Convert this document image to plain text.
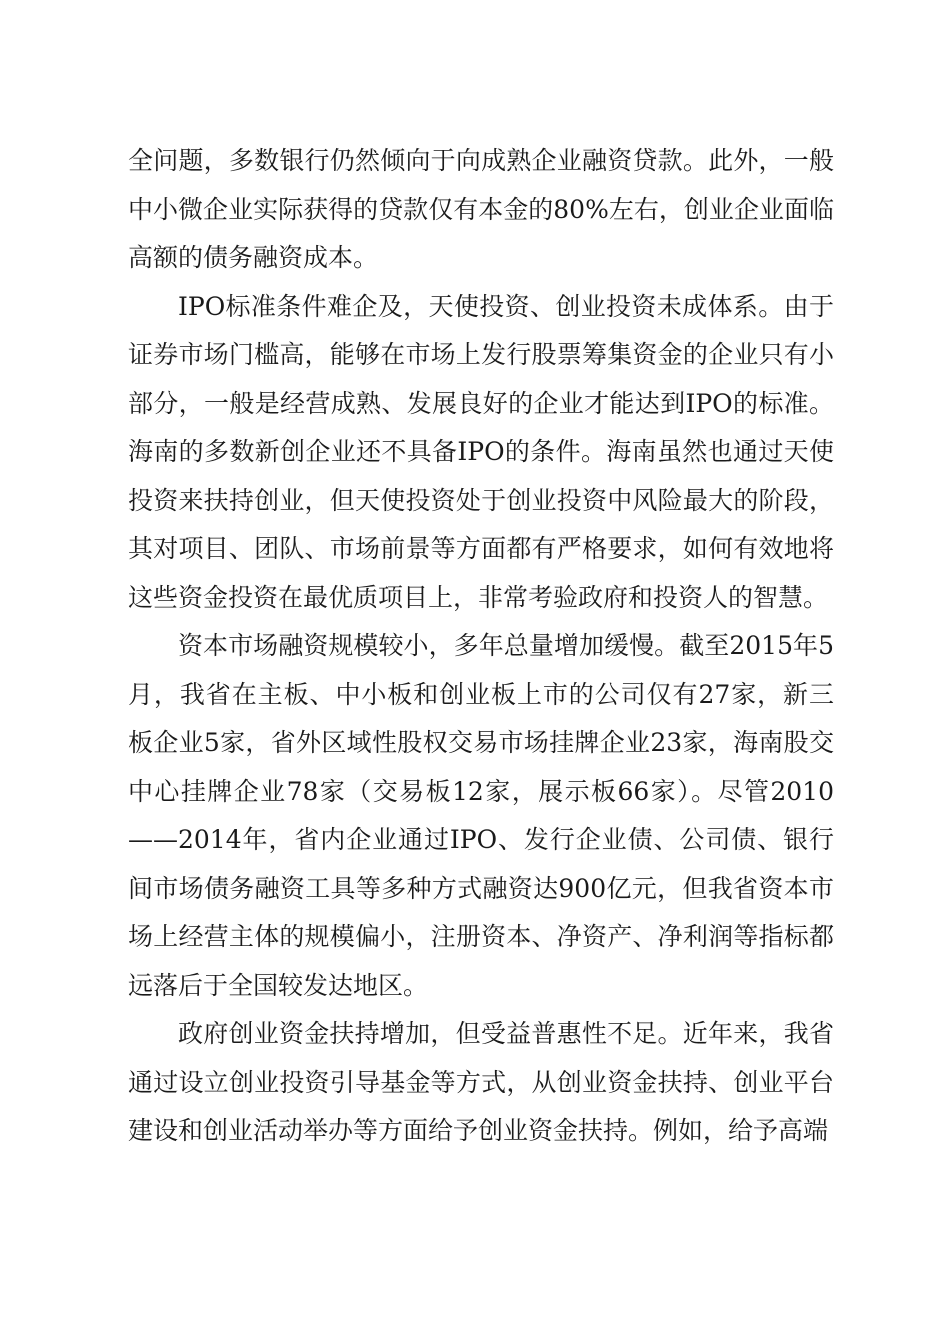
全问题，多数银行仍然倾向于向成熟企业融资贷款。此外，一般中小微企业实际获得的贷款仅有本金的80%左右，创业企业面临高额的债务融资成本。

IPO标准条件难企及，天使投资、创业投资未成体系。由于证券市场门槛高，能够在市场上发行股票筹集资金的企业只有小部分，一般是经营成熟、发展良好的企业才能达到IPO的标准。海南的多数新创企业还不具备IPO的条件。海南虽然也通过天使投资来扶持创业，但天使投资处于创业投资中风险最大的阶段，其对项目、团队、市场前景等方面都有严格要求，如何有效地将这些资金投资在最优质项目上，非常考验政府和投资人的智慧。

资本市场融资规模较小，多年总量增加缓慢。截至2015年5月，我省在主板、中小板和创业板上市的公司仅有27家，新三板企业5家，省外区域性股权交易市场挂牌企业23家，海南股交中心挂牌企业78家（交易板12家，展示板66家）。尽管2010——2014年，省内企业通过IPO、发行企业债、公司债、银行间市场债务融资工具等多种方式融资达900亿元，但我省资本市场上经营主体的规模偏小，注册资本、净资产、净利润等指标都远落后于全国较发达地区。

政府创业资金扶持增加，但受益普惠性不足。近年来，我省通过设立创业投资引导基金等方式，从创业资金扶持、创业平台建设和创业活动举办等方面给予创业资金扶持。例如，给予高端
